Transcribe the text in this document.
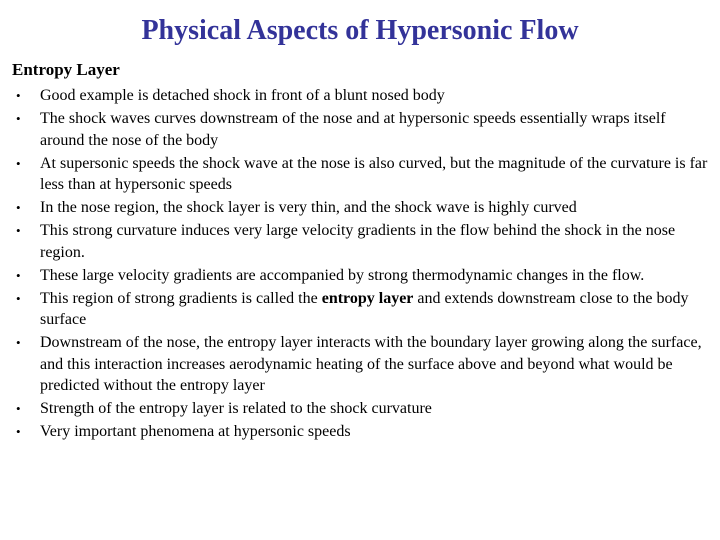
Physical Aspects of Hypersonic Flow
Entropy Layer
• Good example is detached shock in front of a blunt nosed body
• The shock waves curves downstream of the nose and at hypersonic speeds essentially wraps itself around the nose of the body
• At supersonic speeds the shock wave at the nose is also curved, but the magnitude of the curvature is far less than at hypersonic speeds
• In the nose region, the shock layer is very thin, and the shock wave is highly curved
• This strong curvature induces very large velocity gradients in the flow behind the shock in the nose region.
• These large velocity gradients are accompanied by strong thermodynamic changes in the flow.
• This region of strong gradients is called the entropy layer and extends downstream close to the body surface
• Downstream of the nose, the entropy layer interacts with the boundary layer growing along the surface, and this interaction increases aerodynamic heating of the surface above and beyond what would be predicted without the entropy layer
• Strength of the entropy layer is related to the shock curvature
• Very important phenomena at hypersonic speeds
